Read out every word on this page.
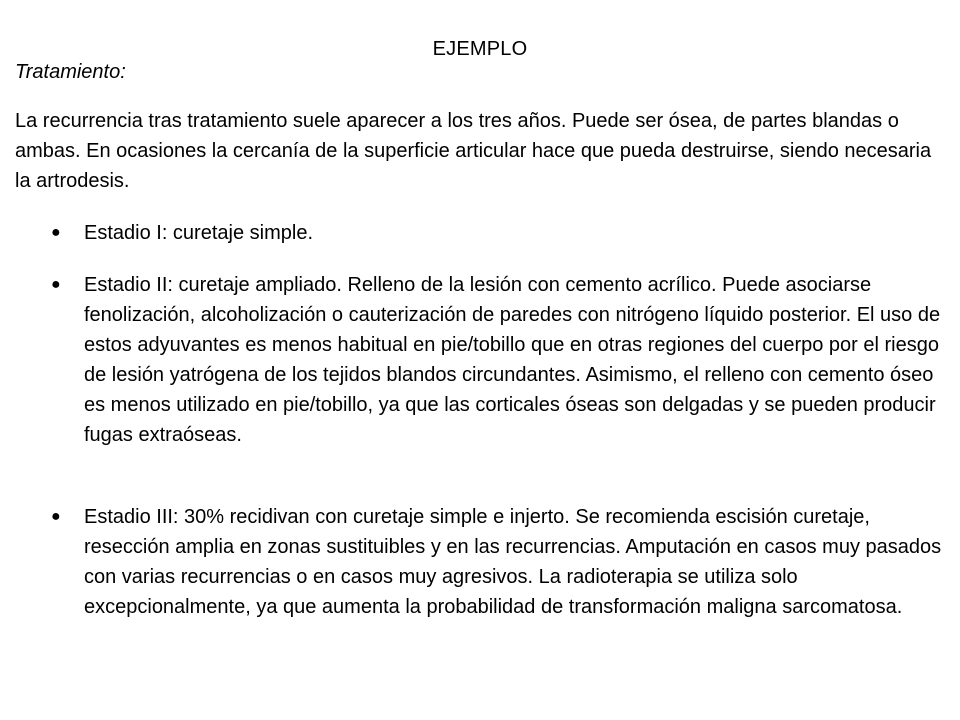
EJEMPLO
Tratamiento:

La recurrencia tras tratamiento suele aparecer a los tres años. Puede ser ósea, de partes blandas o ambas. En ocasiones la cercanía de la superficie articular hace que pueda destruirse, siendo necesaria la artrodesis.

● Estadio I: curetaje simple.

● Estadio II: curetaje ampliado. Relleno de la lesión con cemento acrílico. Puede asociarse fenolización, alcoholización o cauterización de paredes con nitrógeno líquido posterior. El uso de estos adyuvantes es menos habitual en pie/tobillo que en otras regiones del cuerpo por el riesgo de lesión yatrógena de los tejidos blandos circundantes. Asimismo, el relleno con cemento óseo es menos utilizado en pie/tobillo, ya que las corticales óseas son delgadas y se pueden producir fugas extraóseas.

● Estadio III: 30% recidivan con curetaje simple e injerto. Se recomienda escisión curetaje, resección amplia en zonas sustituibles y en las recurrencias. Amputación en casos muy pasados con varias recurrencias o en casos muy agresivos. La radioterapia se utiliza solo excepcionalmente, ya que aumenta la probabilidad de transformación maligna sarcomatosa.
